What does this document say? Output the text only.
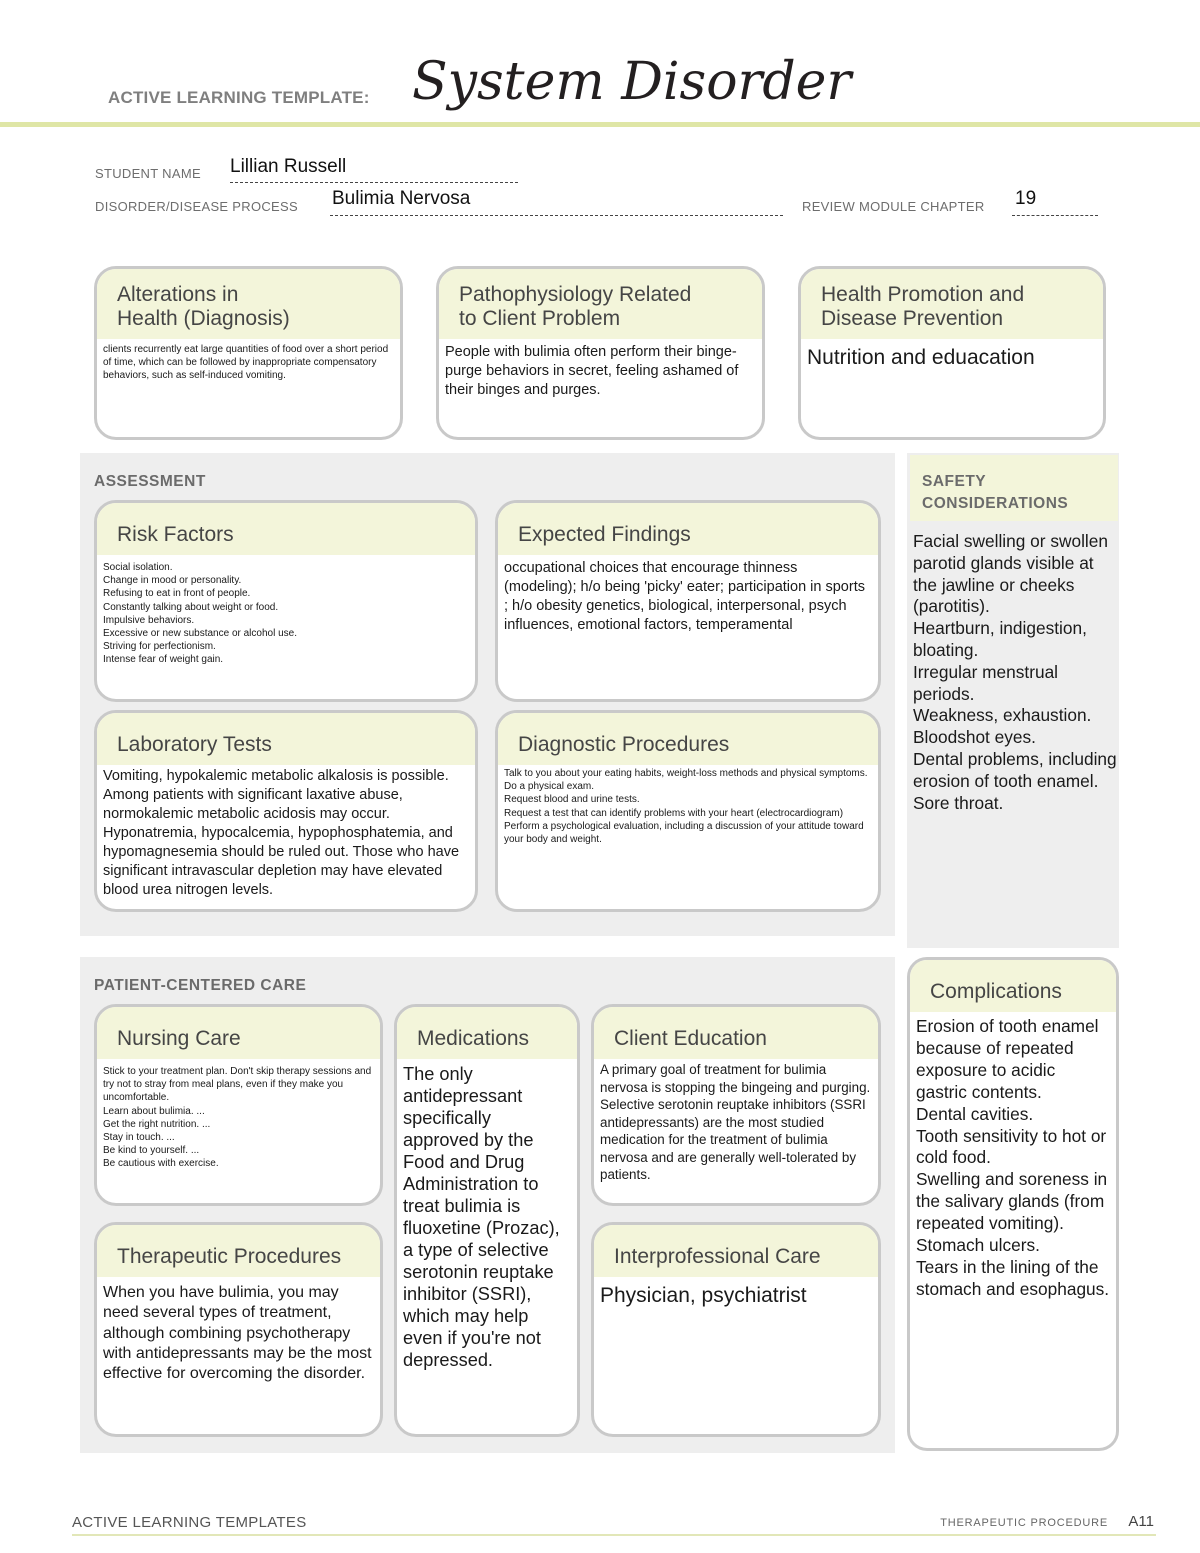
ACTIVE LEARNING TEMPLATE: System Disorder
STUDENT NAME Lillian Russell
DISORDER/DISEASE PROCESS Bulimia Nervosa	REVIEW MODULE CHAPTER 19
Alterations in
Health (Diagnosis)
clients recurrently eat large quantities of food over a short period of time, which can be followed by inappropriate compensatory behaviors, such as self-induced vomiting.
Pathophysiology Related
to Client Problem
People with bulimia often perform their binge-purge behaviors in secret, feeling ashamed of their binges and purges.
Health Promotion and
Disease Prevention
Nutrition and eduacation
ASSESSMENT
Risk Factors
Social isolation.
Change in mood or personality.
Refusing to eat in front of people.
Constantly talking about weight or food.
Impulsive behaviors.
Excessive or new substance or alcohol use.
Striving for perfectionism.
Intense fear of weight gain.
Expected Findings
occupational choices that encourage thinness (modeling); h/o being 'picky' eater; participation in sports ; h/o obesity genetics, biological, interpersonal, psych influences, emotional factors, temperamental
Laboratory Tests
Vomiting, hypokalemic metabolic alkalosis is possible. Among patients with significant laxative abuse, normokalemic metabolic acidosis may occur. Hyponatremia, hypocalcemia, hypophosphatemia, and hypomagnesemia should be ruled out. Those who have significant intravascular depletion may have elevated blood urea nitrogen levels.
Diagnostic Procedures
Talk to you about your eating habits, weight-loss methods and physical symptoms.
Do a physical exam.
Request blood and urine tests.
Request a test that can identify problems with your heart (electrocardiogram)
Perform a psychological evaluation, including a discussion of your attitude toward your body and weight.
SAFETY
CONSIDERATIONS
Facial swelling or swollen parotid glands visible at the jawline or cheeks (parotitis).
Heartburn, indigestion, bloating.
Irregular menstrual periods.
Weakness, exhaustion.
Bloodshot eyes.
Dental problems, including erosion of tooth enamel.
Sore throat.
PATIENT-CENTERED CARE
Nursing Care
Stick to your treatment plan. Don't skip therapy sessions and try not to stray from meal plans, even if they make you uncomfortable.
Learn about bulimia. ...
Get the right nutrition. ...
Stay in touch. ...
Be kind to yourself. ...
Be cautious with exercise.
Medications
The only antidepressant specifically approved by the Food and Drug Administration to treat bulimia is fluoxetine (Prozac), a type of selective serotonin reuptake inhibitor (SSRI), which may help even if you're not depressed.
Client Education
A primary goal of treatment for bulimia nervosa is stopping the bingeing and purging. Selective serotonin reuptake inhibitors (SSRI antidepressants) are the most studied medication for the treatment of bulimia nervosa and are generally well-tolerated by patients.
Therapeutic Procedures
When you have bulimia, you may need several types of treatment, although combining psychotherapy with antidepressants may be the most effective for overcoming the disorder.
Interprofessional Care
Physician, psychiatrist
Complications
Erosion of tooth enamel because of repeated exposure to acidic gastric contents.
Dental cavities.
Tooth sensitivity to hot or cold food.
Swelling and soreness in the salivary glands (from repeated vomiting).
Stomach ulcers.
Tears in the lining of the stomach and esophagus.
ACTIVE LEARNING TEMPLATES	THERAPEUTIC PROCEDURE A11
